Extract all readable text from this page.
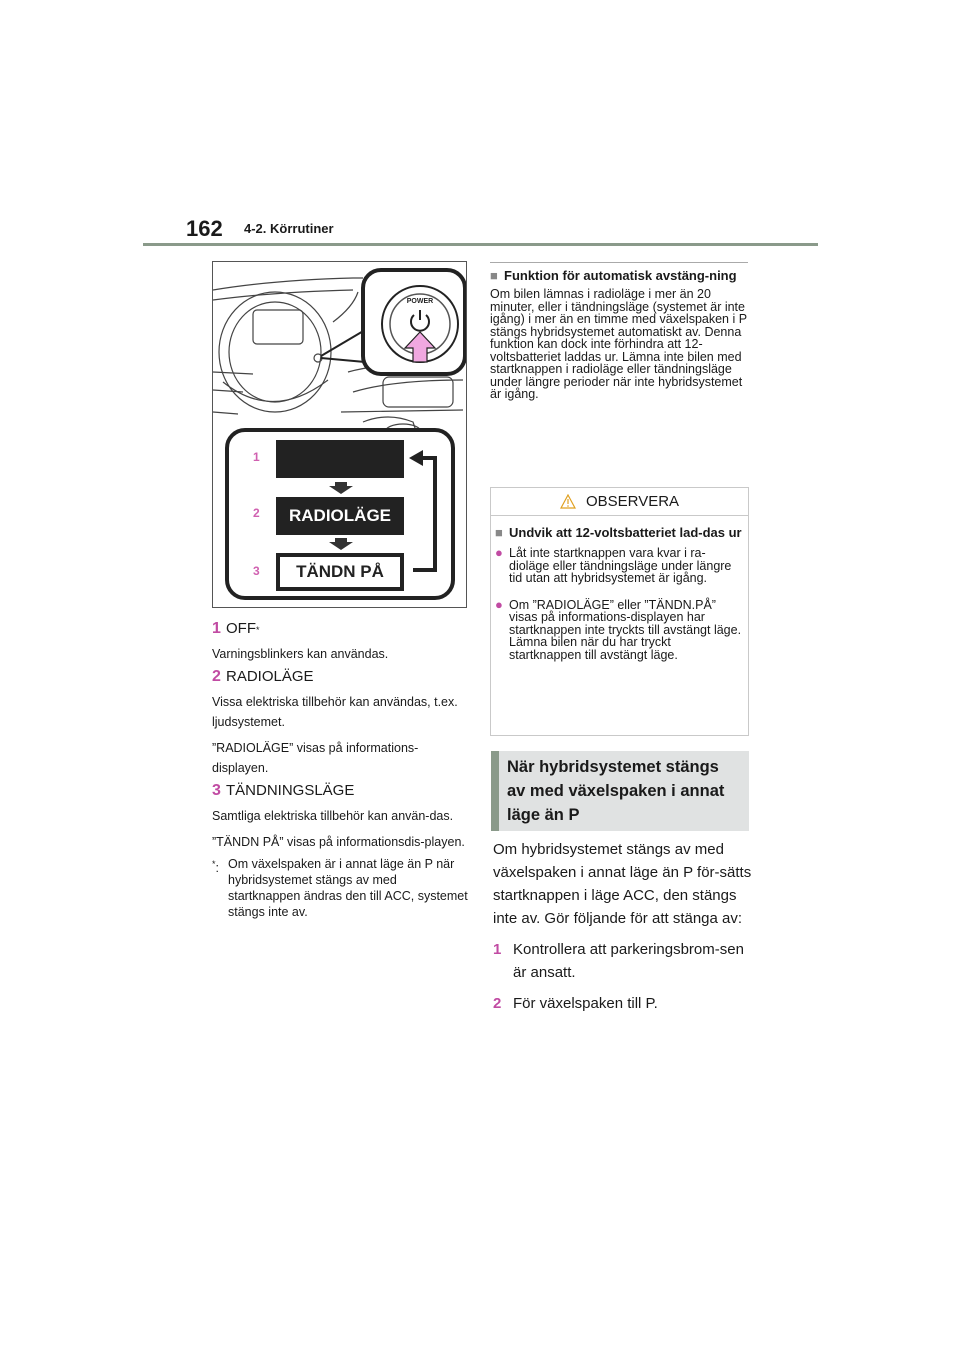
162 4-2. Körrutiner
POWER
1
2
3
RADIOLÄGE
TÄNDN PÅ
1 OFF *
Varningsblinkers kan användas.
2 RADIOLÄGE
Vissa elektriska tillbehör kan användas, t.ex. ljudsystemet.
”RADIOLÄGE” visas på informations-displayen.
3 TÄNDNINGSLÄGE
Samtliga elektriska tillbehör kan använ-das.
”TÄNDN PÅ” visas på informationsdis-playen.
*: Om växelspaken är i annat läge än P när hybridsystemet stängs av med startknappen ändras den till ACC, systemet stängs inte av.
■ Funktion för automatisk avstäng-ning
Om bilen lämnas i radioläge i mer än 20 minuter, eller i tändningsläge (systemet är inte igång) i mer än en timme med växelspaken i P stängs hybridsystemet automatiskt av. Denna funktion kan dock inte förhindra att 12-voltsbatteriet laddas ur. Lämna inte bilen med startknappen i radioläge eller tändningsläge under längre perioder när inte hybridsystemet är igång.
OBSERVERA
■ Undvik att 12-voltsbatteriet lad-das ur
● Låt inte startknappen vara kvar i ra-dioläge eller tändningsläge under längre tid utan att hybridsystemet är igång.
● Om ”RADIOLÄGE” eller ”TÄNDN.PÅ” visas på informations-displayen har startknappen inte tryckts till avstängt läge. Lämna bilen när du har tryckt startknappen till avstängt läge.
När hybridsystemet stängs av med växelspaken i annat läge än P
Om hybridsystemet stängs av med växelspaken i annat läge än P för-sätts startknappen i läge ACC, den stängs inte av. Gör följande för att stänga av:
1 Kontrollera att parkeringsbrom-sen är ansatt.
2 För växelspaken till P.
